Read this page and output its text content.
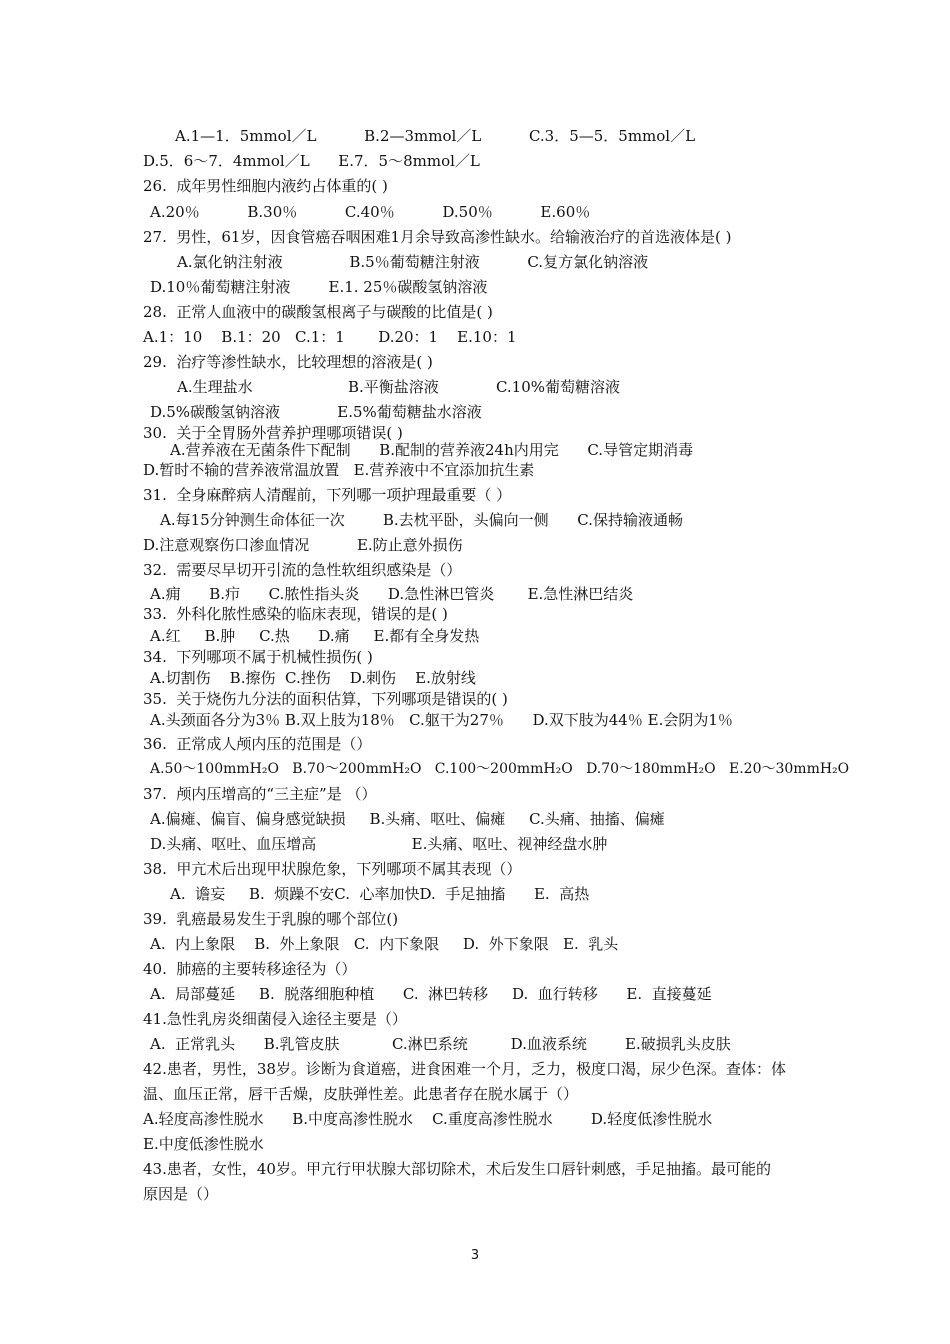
A.1—1．5mmol／L          B.2—3mmol／L          C.3．5—5．5mmol／L
D.5．6～7．4mmol／L      E.7．5～8mmol／L
26.  成年男性细胞内液约占体重的( )
A.20％          B.30％          C.40％          D.50％          E.60％
27.  男性，61岁，因食管癌吞咽困难1月余导致高渗性缺水。给输液治疗的首选液体是( )
A.氯化钠注射液              B.5％葡萄糖注射液          C.复方氯化钠溶液
D.10％葡萄糖注射液        E.1. 25％碳酸氢钠溶液
28.  正常人血液中的碳酸氢根离子与碳酸的比值是( )
A.1：10    B.1：20   C.1：1       D.20：1    E.10：1
29.  治疗等渗性缺水，比较理想的溶液是( )
A.生理盐水                    B.平衡盐溶液            C.10%葡萄糖溶液
D.5%碳酸氢钠溶液            E.5%葡萄糖盐水溶液
30.  关于全胃肠外营养护理哪项错误( )
A.营养液在无菌条件下配制      B.配制的营养液24h内用完      C.导管定期消毒
D.暂时不输的营养液常温放置   E.营养液中不宜添加抗生素
31.  全身麻醉病人清醒前，下列哪一项护理最重要（ ）
A.每15分钟测生命体征一次        B.去枕平卧，头偏向一侧      C.保持输液通畅
D.注意观察伤口渗血情况          E.防止意外损伤
32.  需要尽早切开引流的急性软组织感染是（）
A.痈      B.疖      C.脓性指头炎      D.急性淋巴管炎       E.急性淋巴结炎
33.  外科化脓性感染的临床表现，错误的是( )
A.红     B.肿     C.热      D.痛     E.都有全身发热
34.  下列哪项不属于机械性损伤( )
A.切割伤    B.擦伤  C.挫伤    D.刺伤    E.放射线
35.  关于烧伤九分法的面积估算，下列哪项是错误的( )
A.头颈面各分为3％ B.双上肢为18％   C.躯干为27％      D.双下肢为44％ E.会阴为1％
36.  正常成人颅内压的范围是（）
A.50～100mmH₂O   B.70～200mmH₂O   C.100～200mmH₂O   D.70～180mmH₂O   E.20～30mmH₂O
37.  颅内压增高的“三主症”是 （）
A.偏瘫、偏盲、偏身感觉缺损     B.头痛、呕吐、偏瘫     C.头痛、抽搐、偏瘫
D.头痛、呕吐、血压增高                    E.头痛、呕吐、视神经盘水肿
38.  甲亢术后出现甲状腺危象，下列哪项不属其表现（）
A.  谵妄     B.  烦躁不安C.  心率加快D.  手足抽搐      E.  高热
39.  乳癌最易发生于乳腺的哪个部位()
A.  内上象限    B.  外上象限   C.  内下象限     D.  外下象限   E.  乳头
40.  肺癌的主要转移途径为（）
A.  局部蔓延     B.  脱落细胞种植      C.  淋巴转移     D.  血行转移      E.  直接蔓延
41.急性乳房炎细菌侵入途径主要是（）
A.  正常乳头      B.乳管皮肤           C.淋巴系统         D.血液系统        E.破损乳头皮肤
42.患者，男性，38岁。诊断为食道癌，进食困难一个月，乏力，极度口渴，尿少色深。查体：体
温、血压正常，唇干舌燥，皮肤弹性差。此患者存在脱水属于（）
A.轻度高渗性脱水      B.中度高渗性脱水    C.重度高渗性脱水        D.轻度低渗性脱水
E.中度低渗性脱水
43.患者，女性，40岁。甲亢行甲状腺大部切除术，术后发生口唇针刺感，手足抽搐。最可能的
原因是（）
3
